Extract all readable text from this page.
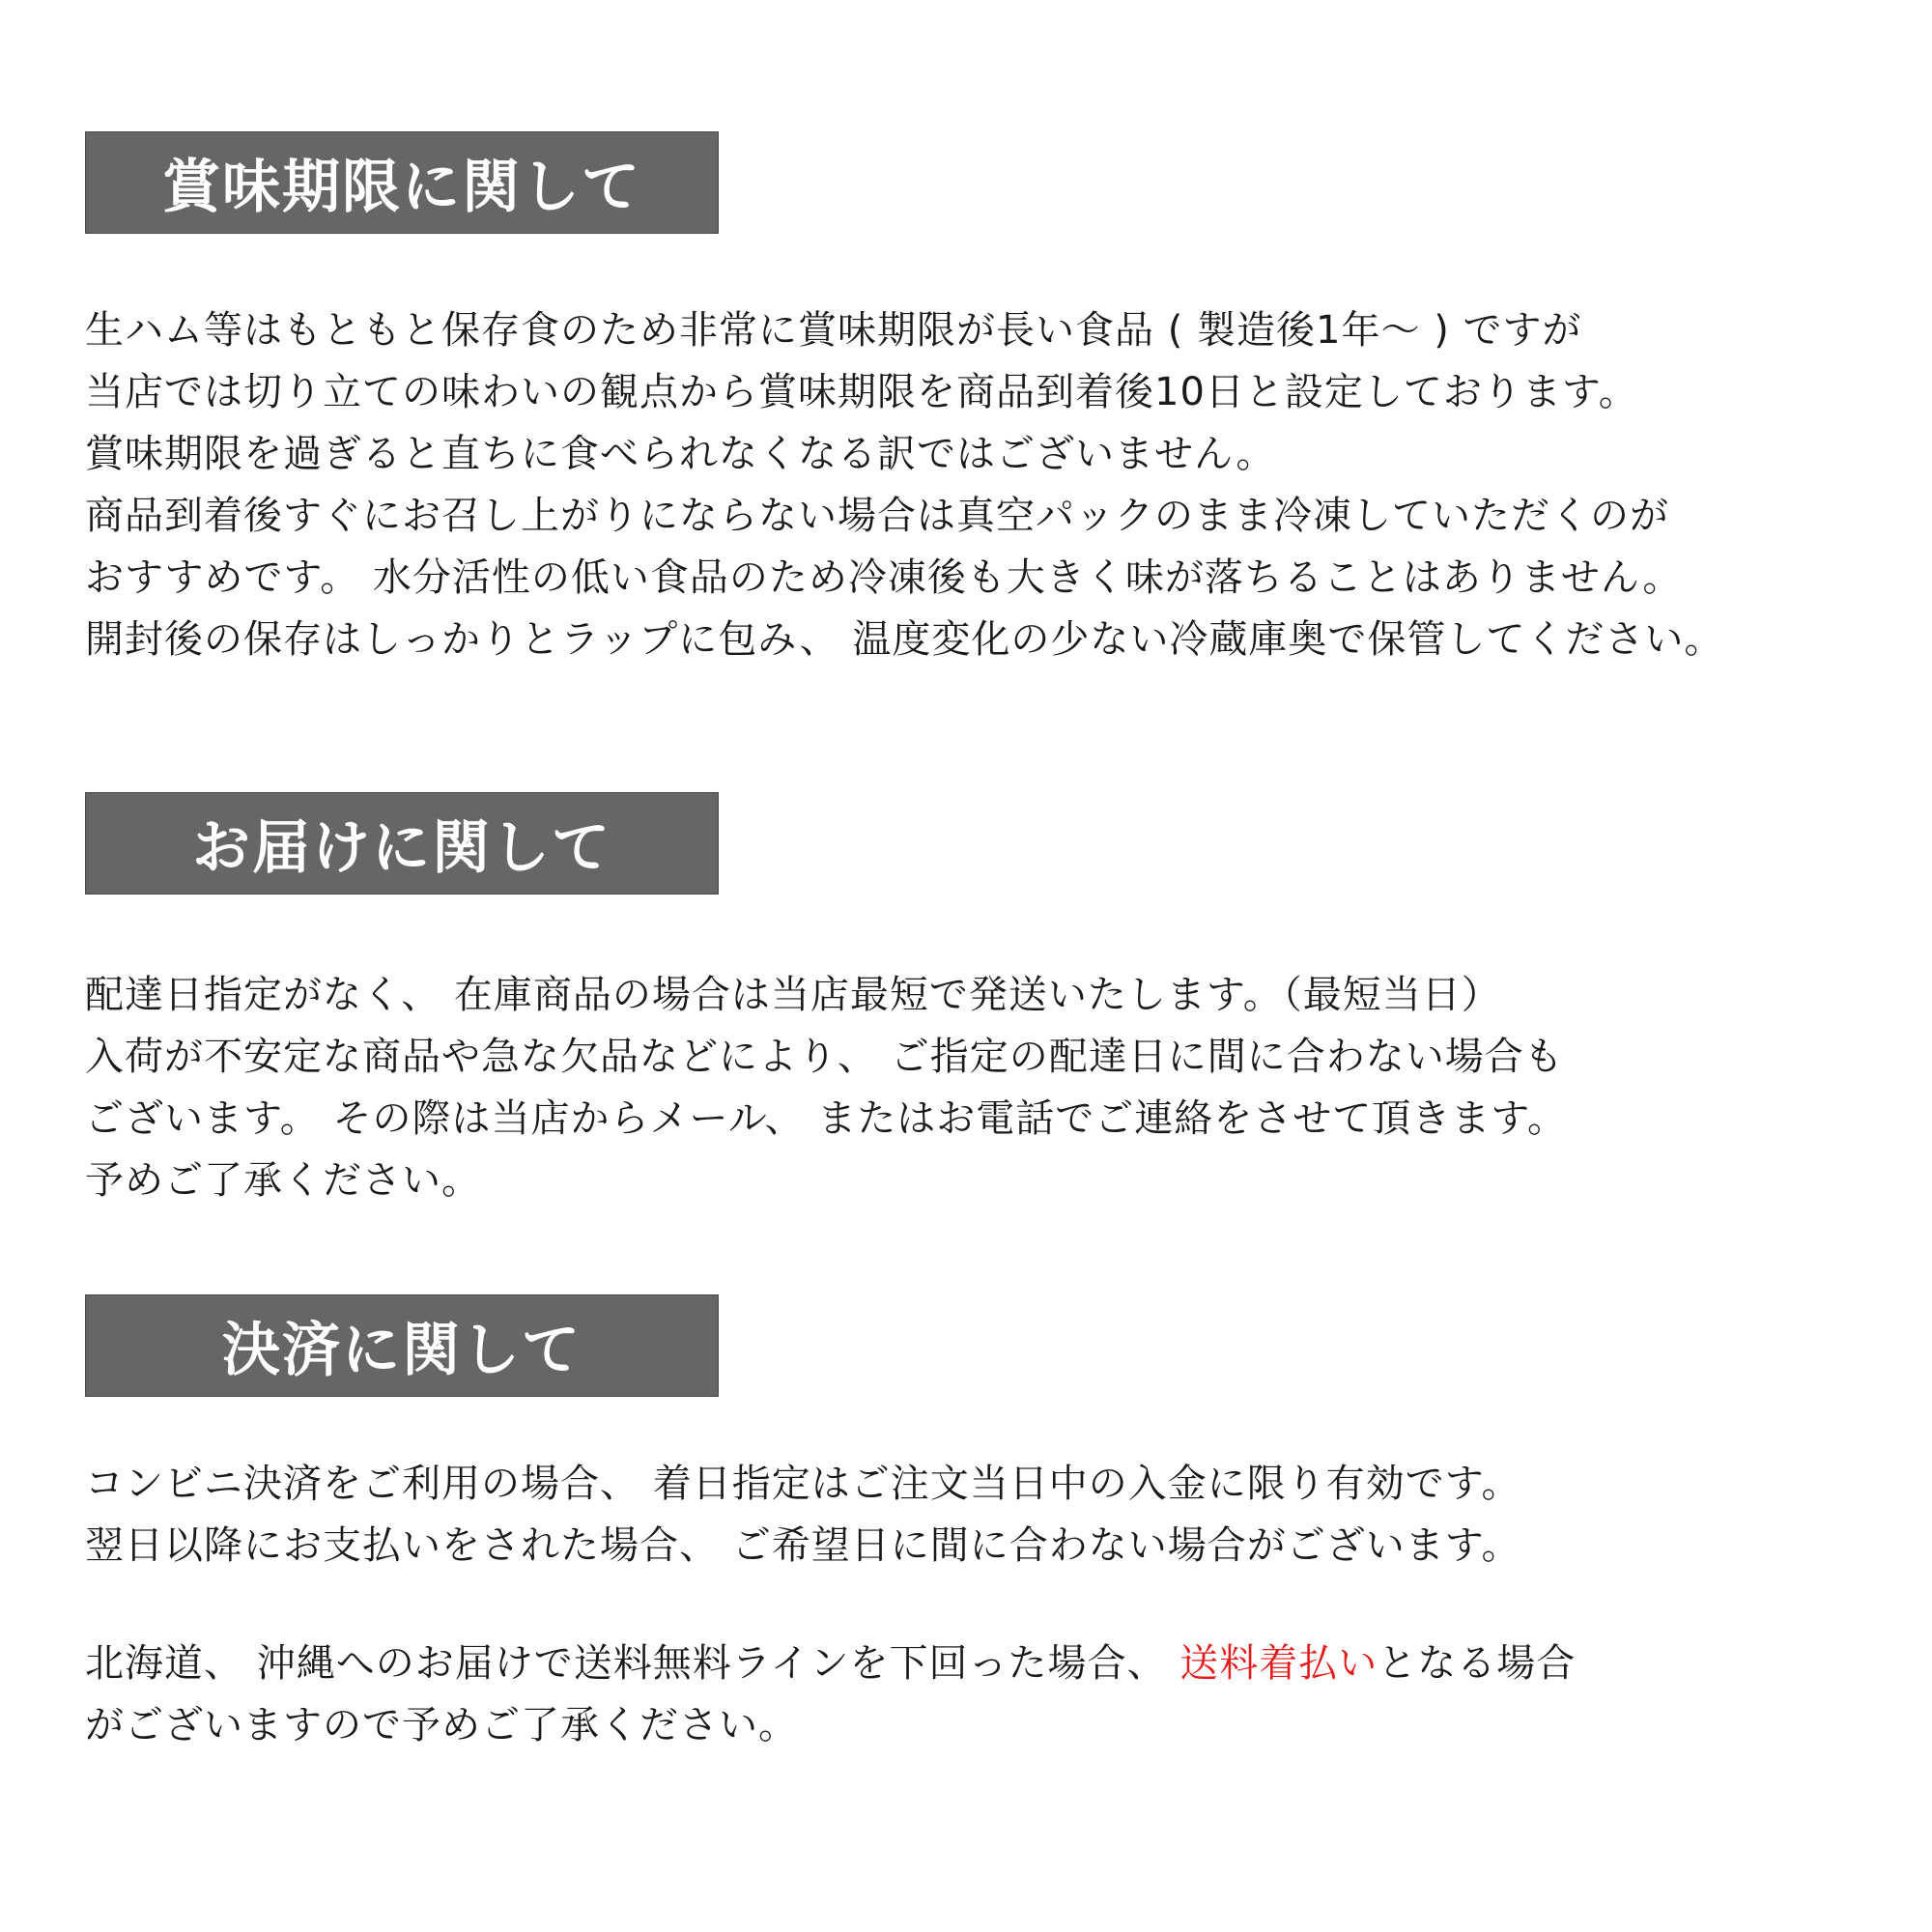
賞味期限に関して
生ハム等はもともと保存食のため非常に賞味期限が長い食品 ( 製造後1年～ ) ですが
当店では切り立ての味わいの観点から賞味期限を商品到着後10日と設定しております。
賞味期限を過ぎると直ちに食べられなくなる訳ではございません。
商品到着後すぐにお召し上がりにならない場合は真空パックのまま冷凍していただくのが
おすすめです。 水分活性の低い食品のため冷凍後も大きく味が落ちることはありません。
開封後の保存はしっかりとラップに包み、 温度変化の少ない冷蔵庫奥で保管してください。
お届けに関して
配達日指定がなく、 在庫商品の場合は当店最短で発送いたします。（最短当日）
入荷が不安定な商品や急な欠品などにより、 ご指定の配達日に間に合わない場合も
ございます。 その際は当店からメール、 またはお電話でご連絡をさせて頂きます。
予めご了承ください。
決済に関して
コンビニ決済をご利用の場合、 着日指定はご注文当日中の入金に限り有効です。
翌日以降にお支払いをされた場合、 ご希望日に間に合わない場合がございます。
北海道、 沖縄へのお届けで送料無料ラインを下回った場合、 送料着払いとなる場合
がございますので予めご了承ください。
